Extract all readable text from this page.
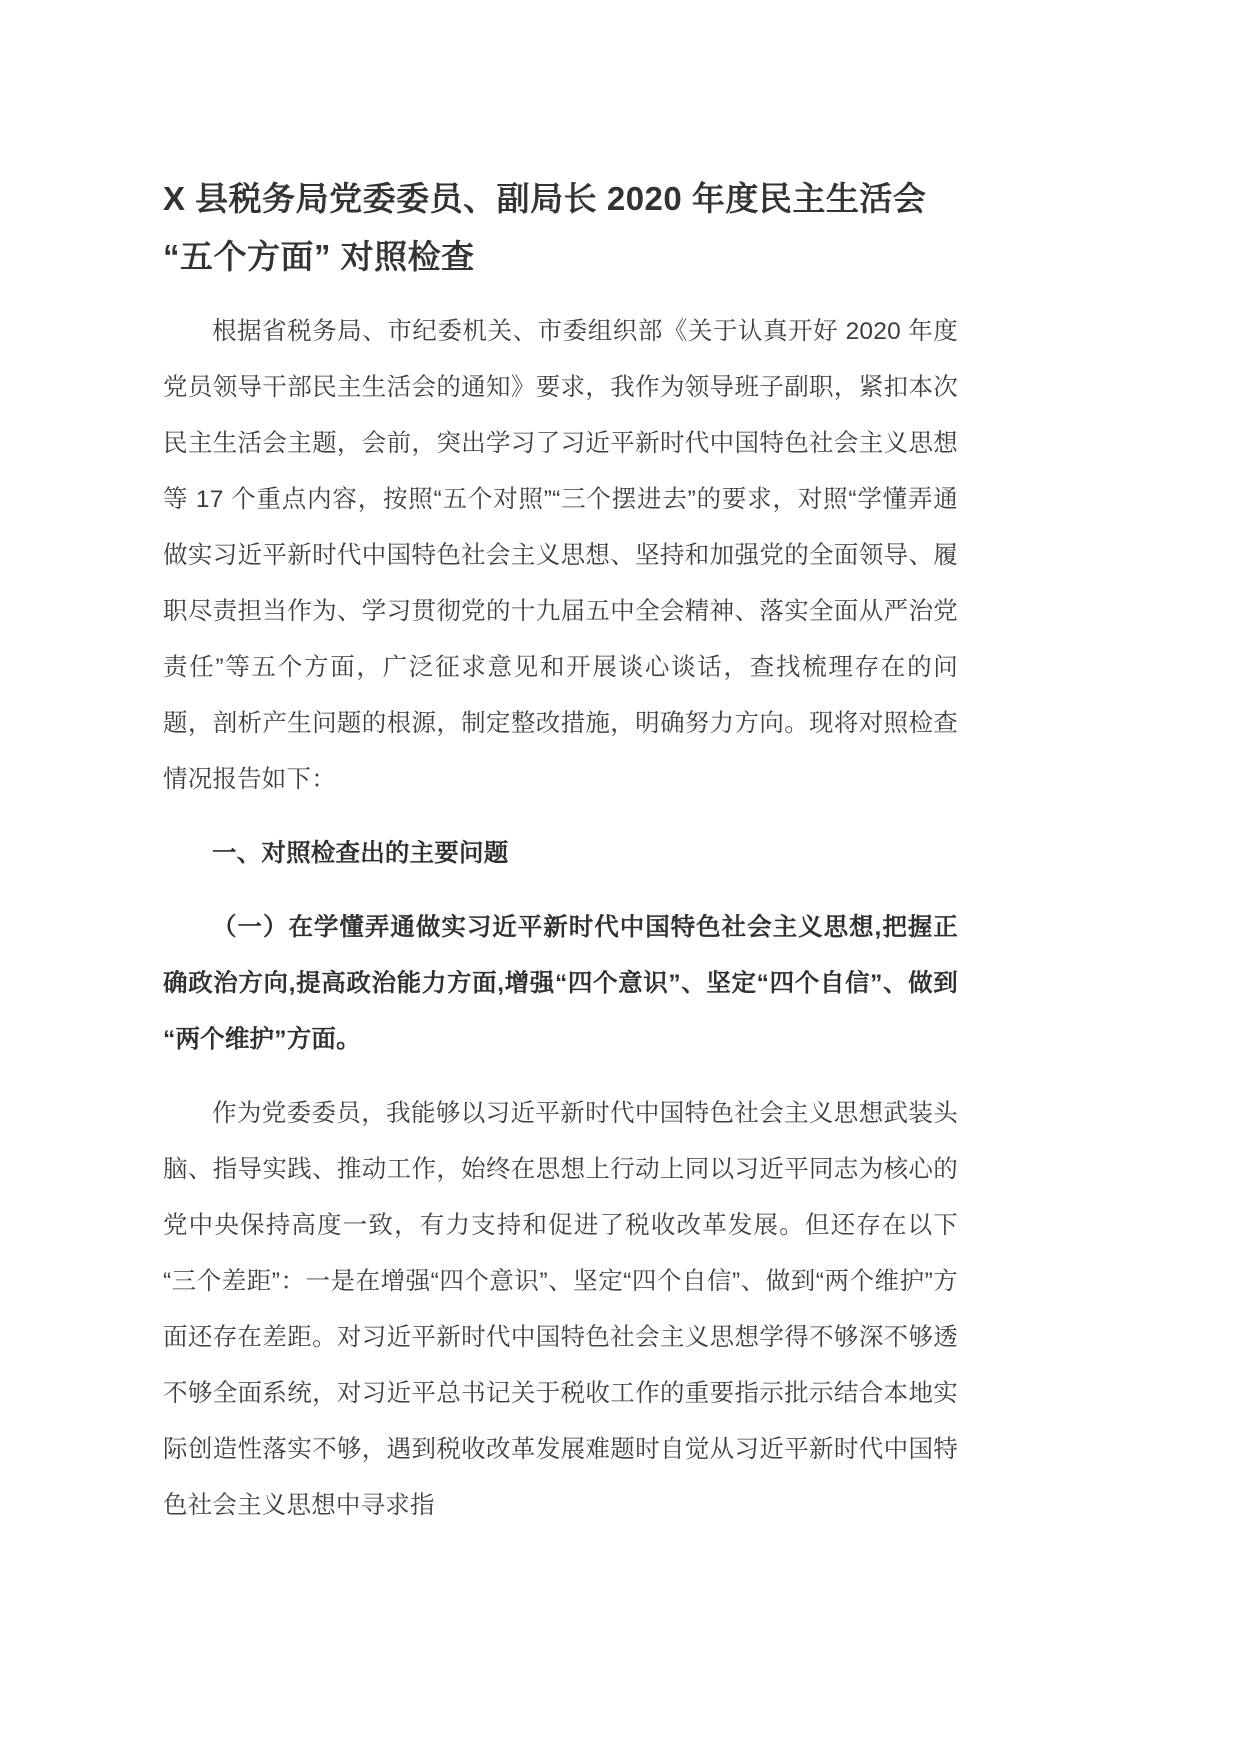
X 县税务局党委委员、副局长 2020 年度民主生活会 “五个方面” 对照检查

根据省税务局、市纪委机关、市委组织部《关于认真开好 2020 年度党员领导干部民主生活会的通知》要求，我作为领导班子副职，紧扣本次民主生活会主题，会前，突出学习了习近平新时代中国特色社会主义思想等 17 个重点内容，按照“五个对照”“三个摆进去”的要求，对照“学懂弄通做实习近平新时代中国特色社会主义思想、坚持和加强党的全面领导、履职尽责担当作为、学习贯彻党的十九届五中全会精神、落实全面从严治党责任”等五个方面，广泛征求意见和开展谈心谈话，查找梳理存在的问题，剖析产生问题的根源，制定整改措施，明确努力方向。现将对照检查情况报告如下：

一、对照检查出的主要问题

（一）在学懂弄通做实习近平新时代中国特色社会主义思想,把握正确政治方向,提高政治能力方面,增强“四个意识”、坚定“四个自信”、做到“两个维护”方面。

作为党委委员，我能够以习近平新时代中国特色社会主义思想武装头脑、指导实践、推动工作，始终在思想上行动上同以习近平同志为核心的党中央保持高度一致，有力支持和促进了税收改革发展。但还存在以下“三个差距”：一是在增强“四个意识”、坚定“四个自信”、做到“两个维护”方面还存在差距。对习近平新时代中国特色社会主义思想学得不够深不够透不够全面系统，对习近平总书记关于税收工作的重要指示批示结合本地实际创造性落实不够，遇到税收改革发展难题时自觉从习近平新时代中国特色社会主义思想中寻求指
